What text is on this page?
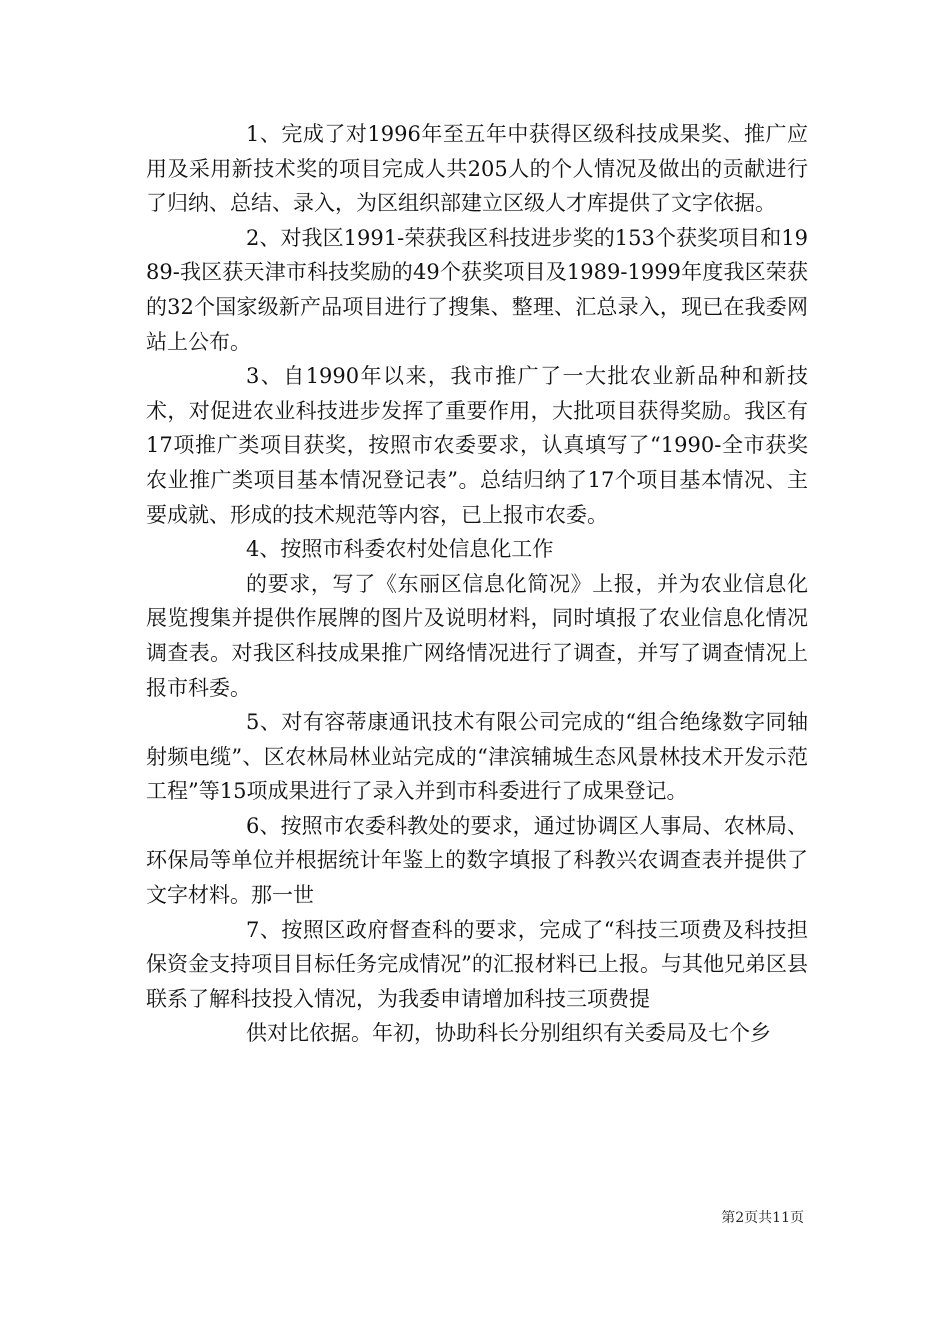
1、完成了对1996年至五年中获得区级科技成果奖、推广应用及采用新技术奖的项目完成人共205人的个人情况及做出的贡献进行了归纳、总结、录入，为区组织部建立区级人才库提供了文字依据。

2、对我区1991-荣获我区科技进步奖的153个获奖项目和1989-我区获天津市科技奖励的49个获奖项目及1989-1999年度我区荣获的32个国家级新产品项目进行了搜集、整理、汇总录入，现已在我委网站上公布。

3、自1990年以来，我市推广了一大批农业新品种和新技术，对促进农业科技进步发挥了重要作用，大批项目获得奖励。我区有17项推广类项目获奖，按照市农委要求，认真填写了“1990-全市获奖农业推广类项目基本情况登记表”。总结归纳了17个项目基本情况、主要成就、形成的技术规范等内容，已上报市农委。

4、按照市科委农村处信息化工作

的要求，写了《东丽区信息化简况》上报，并为农业信息化展览搜集并提供作展牌的图片及说明材料，同时填报了农业信息化情况调查表。对我区科技成果推广网络情况进行了调查，并写了调查情况上报市科委。

5、对有容蒂康通讯技术有限公司完成的“组合绝缘数字同轴射频电缆”、区农林局林业站完成的“津滨辅城生态风景林技术开发示范工程”等15项成果进行了录入并到市科委进行了成果登记。

6、按照市农委科教处的要求，通过协调区人事局、农林局、环保局等单位并根据统计年鉴上的数字填报了科教兴农调查表并提供了文字材料。那一世

7、按照区政府督查科的要求，完成了“科技三项费及科技担保资金支持项目目标任务完成情况”的汇报材料已上报。与其他兄弟区县联系了解科技投入情况，为我委申请增加科技三项费提

供对比依据。年初，协助科长分别组织有关委局及七个乡

第2页共11页
